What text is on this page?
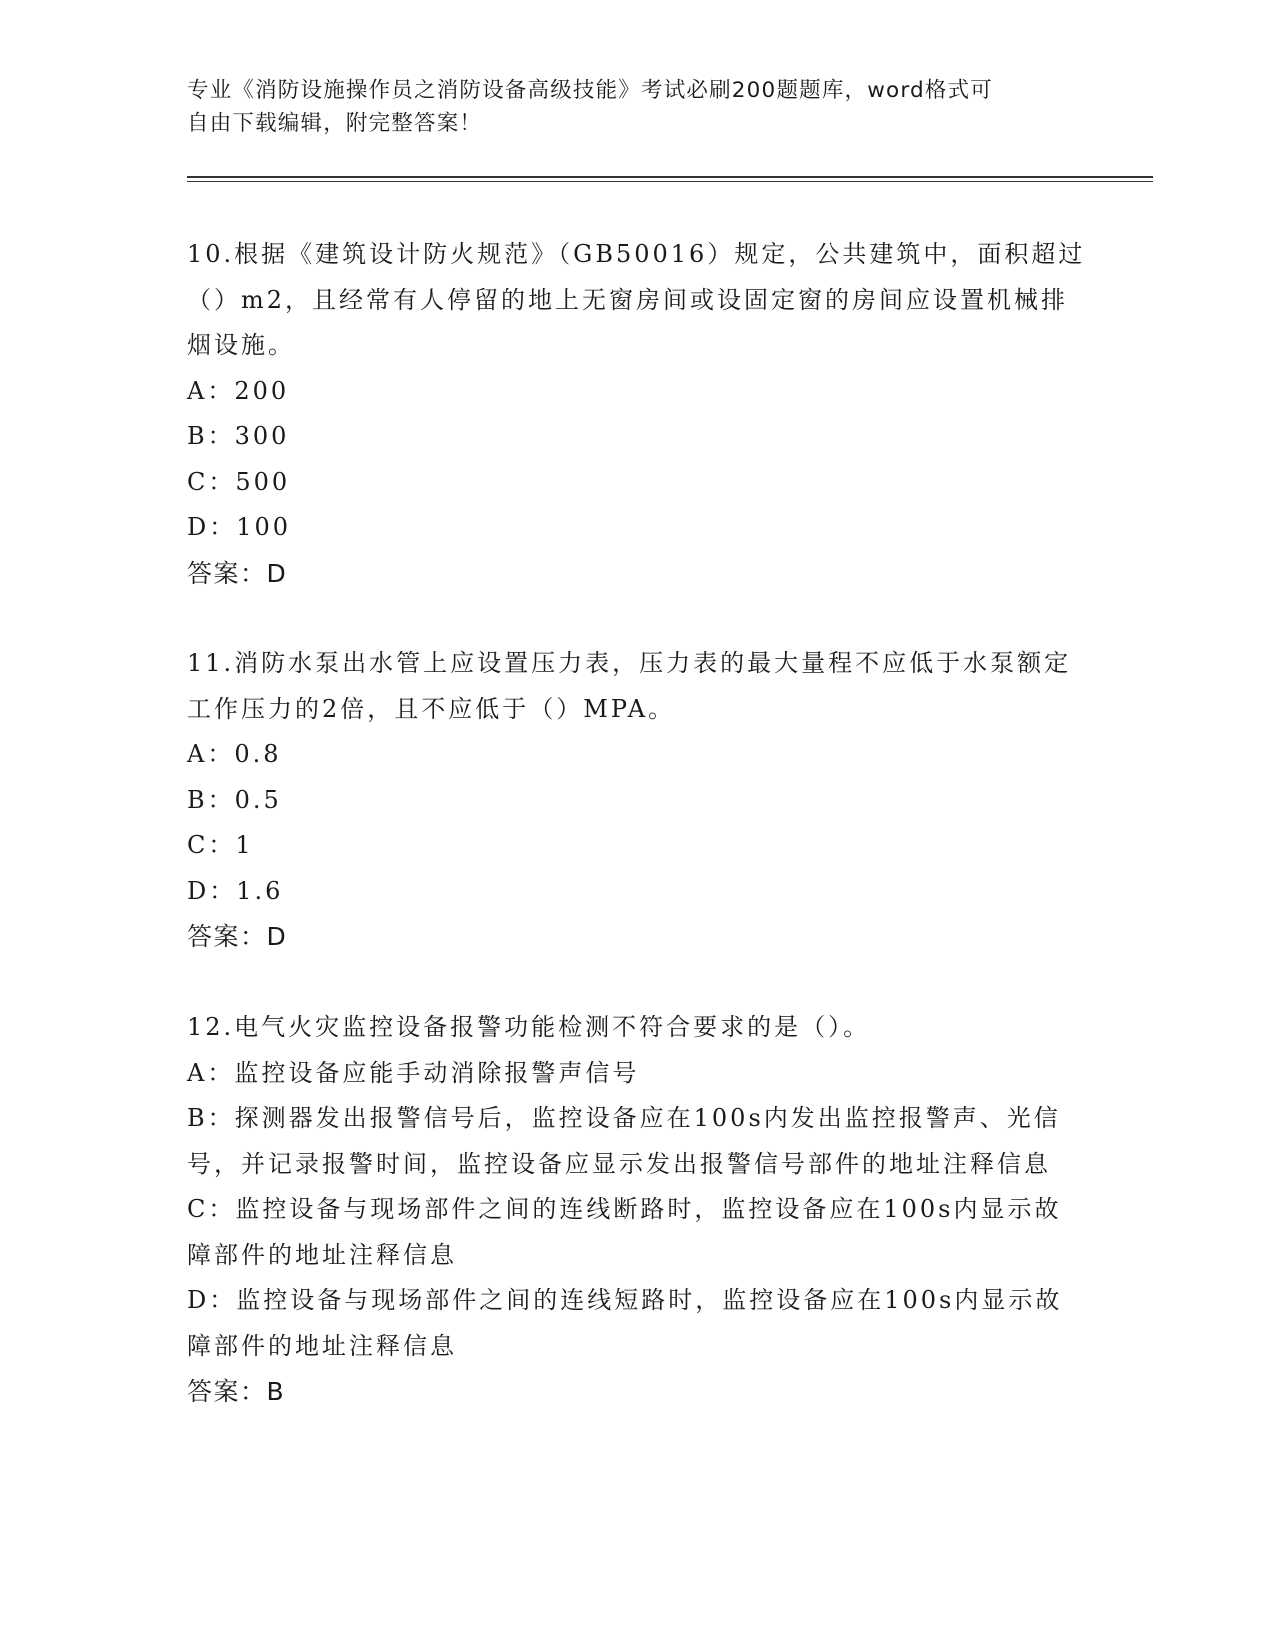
专业《消防设施操作员之消防设备高级技能》考试必刷200题题库，word格式可
自由下载编辑，附完整答案！

10.根据《建筑设计防火规范》（GB50016）规定，公共建筑中，面积超过（）m2，且经常有人停留的地上无窗房间或设固定窗的房间应设置机械排烟设施。

A：200

B：300

C：500

D：100

答案：D

11.消防水泵出水管上应设置压力表，压力表的最大量程不应低于水泵额定工作压力的2倍，且不应低于（）MPA。

A：0.8

B：0.5

C：1

D：1.6

答案：D

12.电气火灾监控设备报警功能检测不符合要求的是（）。

A：监控设备应能手动消除报警声信号

B：探测器发出报警信号后，监控设备应在100s内发出监控报警声、光信号，并记录报警时间，监控设备应显示发出报警信号部件的地址注释信息

C：监控设备与现场部件之间的连线断路时，监控设备应在100s内显示故障部件的地址注释信息

D：监控设备与现场部件之间的连线短路时，监控设备应在100s内显示故障部件的地址注释信息

答案：B
